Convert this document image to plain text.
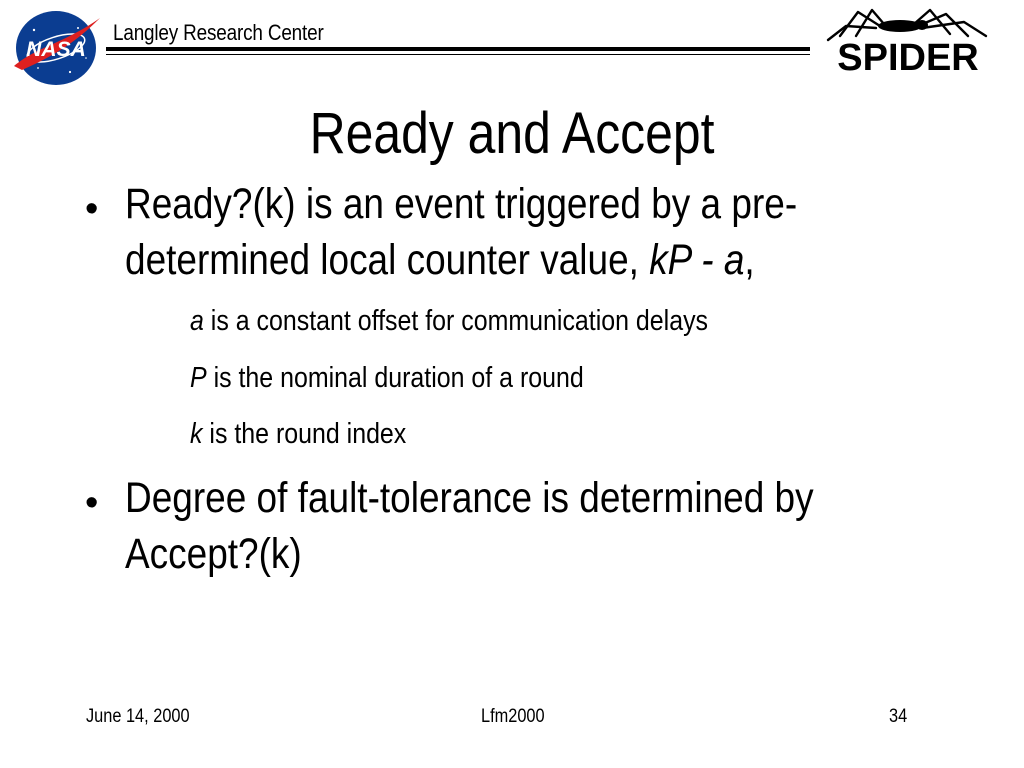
NASA
Langley Research Center
SPIDER
Ready and Accept
• Ready?(k) is an event triggered by a pre-
determined local counter value, kP - a,
a is a constant offset for communication delays
P is the nominal duration of a round
k is the round index
• Degree of fault-tolerance is determined by
Accept?(k)
June 14, 2000	Lfm2000	34
